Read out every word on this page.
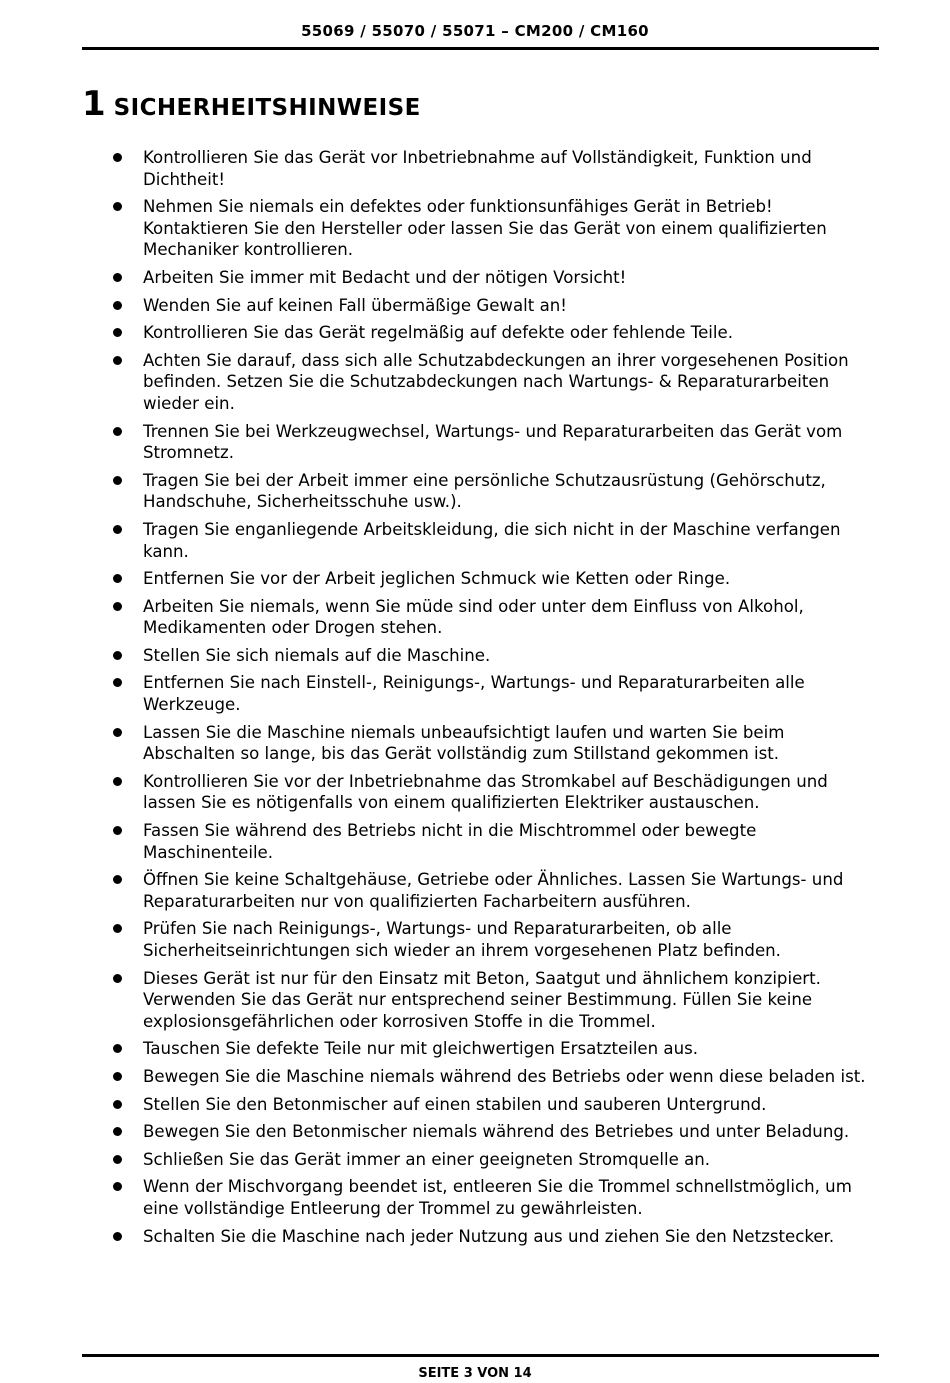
55069 / 55070 / 55071 – CM200 / CM160
1 SICHERHEITSHINWEISE
Kontrollieren Sie das Gerät vor Inbetriebnahme auf Vollständigkeit, Funktion und Dichtheit!
Nehmen Sie niemals ein defektes oder funktionsunfähiges Gerät in Betrieb! Kontaktieren Sie den Hersteller oder lassen Sie das Gerät von einem qualifizierten Mechaniker kontrollieren.
Arbeiten Sie immer mit Bedacht und der nötigen Vorsicht!
Wenden Sie auf keinen Fall übermäßige Gewalt an!
Kontrollieren Sie das Gerät regelmäßig auf defekte oder fehlende Teile.
Achten Sie darauf, dass sich alle Schutzabdeckungen an ihrer vorgesehenen Position befinden. Setzen Sie die Schutzabdeckungen nach Wartungs- & Reparaturarbeiten wieder ein.
Trennen Sie bei Werkzeugwechsel, Wartungs- und Reparaturarbeiten das Gerät vom Stromnetz.
Tragen Sie bei der Arbeit immer eine persönliche Schutzausrüstung (Gehörschutz, Handschuhe, Sicherheitsschuhe usw.).
Tragen Sie enganliegende Arbeitskleidung, die sich nicht in der Maschine verfangen kann.
Entfernen Sie vor der Arbeit jeglichen Schmuck wie Ketten oder Ringe.
Arbeiten Sie niemals, wenn Sie müde sind oder unter dem Einfluss von Alkohol, Medikamenten oder Drogen stehen.
Stellen Sie sich niemals auf die Maschine.
Entfernen Sie nach Einstell-, Reinigungs-, Wartungs- und Reparaturarbeiten alle Werkzeuge.
Lassen Sie die Maschine niemals unbeaufsichtigt laufen und warten Sie beim Abschalten so lange, bis das Gerät vollständig zum Stillstand gekommen ist.
Kontrollieren Sie vor der Inbetriebnahme das Stromkabel auf Beschädigungen und lassen Sie es nötigenfalls von einem qualifizierten Elektriker austauschen.
Fassen Sie während des Betriebs nicht in die Mischtrommel oder bewegte Maschinenteile.
Öffnen Sie keine Schaltgehäuse, Getriebe oder Ähnliches. Lassen Sie Wartungs- und Reparaturarbeiten nur von qualifizierten Facharbeitern ausführen.
Prüfen Sie nach Reinigungs-, Wartungs- und Reparaturarbeiten, ob alle Sicherheitseinrichtungen sich wieder an ihrem vorgesehenen Platz befinden.
Dieses Gerät ist nur für den Einsatz mit Beton, Saatgut und ähnlichem konzipiert. Verwenden Sie das Gerät nur entsprechend seiner Bestimmung. Füllen Sie keine explosionsgefährlichen oder korrosiven Stoffe in die Trommel.
Tauschen Sie defekte Teile nur mit gleichwertigen Ersatzteilen aus.
Bewegen Sie die Maschine niemals während des Betriebs oder wenn diese beladen ist.
Stellen Sie den Betonmischer auf einen stabilen und sauberen Untergrund.
Bewegen Sie den Betonmischer niemals während des Betriebes und unter Beladung.
Schließen Sie das Gerät immer an einer geeigneten Stromquelle an.
Wenn der Mischvorgang beendet ist, entleeren Sie die Trommel schnellstmöglich, um eine vollständige Entleerung der Trommel zu gewährleisten.
Schalten Sie die Maschine nach jeder Nutzung aus und ziehen Sie den Netzstecker.
SEITE 3 VON 14
